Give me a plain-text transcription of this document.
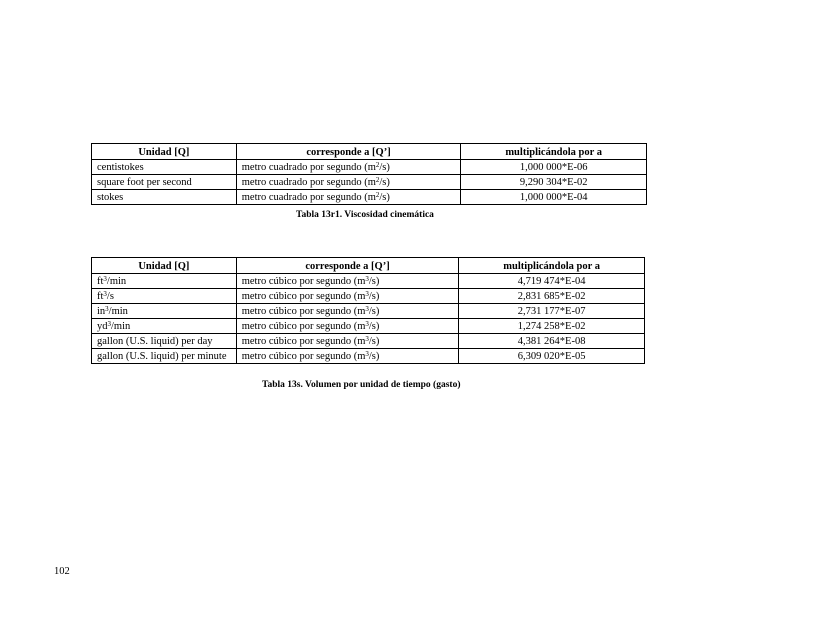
Unidad [Q]	corresponde a [Q’]	multiplicándola por a
centistokes	metro cuadrado por segundo $(m^2/s)$	1,000 000*E-06
square foot per second	metro cuadrado por segundo $(m^2/s)$	9,290 304*E-02
stokes	metro cuadrado por segundo $(m^2/s)$	1,000 000*E-04
Tabla 13r1. Viscosidad cinemática
Unidad [Q]	corresponde a [Q’]	multiplicándola por a
$ft^3/\min$	metro cúbico por segundo $(m^3/s)$	4,719 474*E-04
$ft^3/s$	metro cúbico por segundo $(m^3/s)$	2,831 685*E-02
$in^3/\min$	metro cúbico por segundo $(m^3/s)$	2,731 177*E-07
$yd^3/\min$	metro cúbico por segundo $(m^3/s)$	1,274 258*E-02
gallon (U.S. liquid) per day	metro cúbico por segundo $(m^3/s)$	4,381 264*E-08
gallon (U.S. liquid) per minute	metro cúbico por segundo $(m^3/s)$	6,309 020*E-05
Tabla 13s. Volumen por unidad de tiempo (gasto)
102
